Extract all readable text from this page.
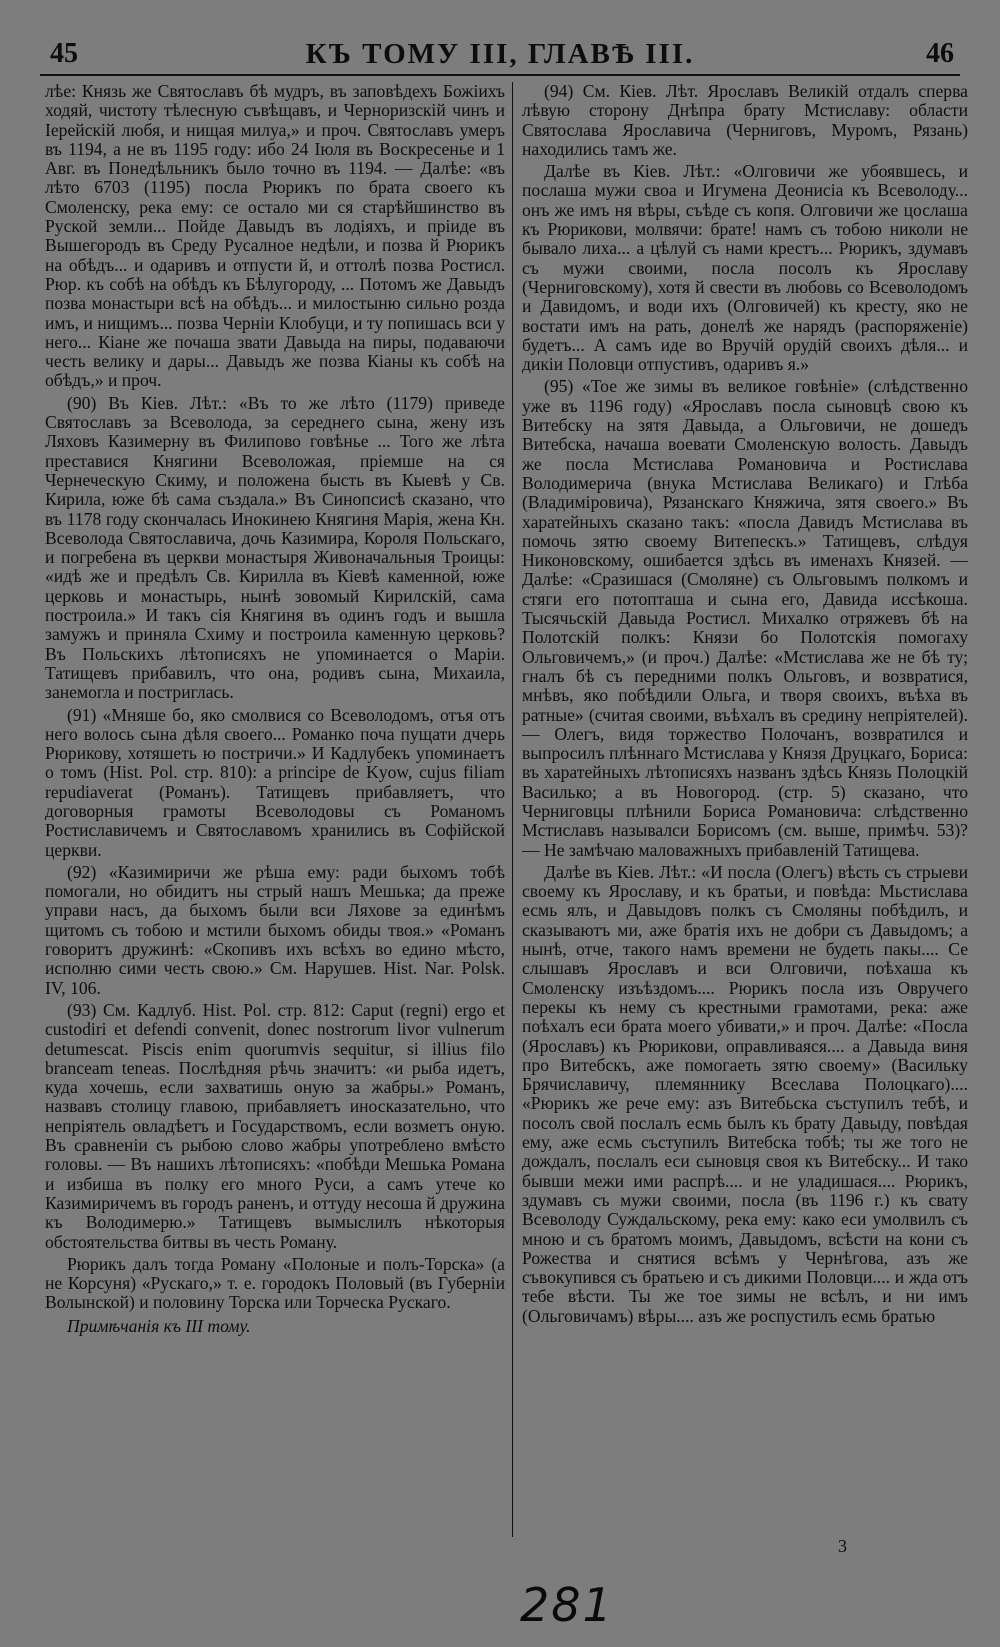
45	КЪ ТОМУ III, ГЛАВѢ III.	46

лѣе: Князь же Святославъ бѣ мудръ, въ заповѣдехъ Божіихъ ходяй, чистоту тѣлесную съвѣщавъ, и Черноризскій чинъ и Іерейскій любя, и нищая милуа,» и проч. Святославъ умеръ въ 1194, а не въ 1195 году: ибо 24 Іюля въ Воскресенье и 1 Авг. въ Понедѣльникъ было точно въ 1194. — Далѣе: «въ лѣто 6703 (1195) посла Рюрикъ по брата своего къ Смоленску, река ему: се остало ми ся старѣйшинство въ Руской земли... Пойде Давыдъ въ лодіяхъ, и пріиде въ Вышегородъ въ Среду Русалное недѣли, и позва й Рюрикъ на обѣдъ... и одаривъ и отпусти й, и оттолѣ позва Ростисл. Рюр. къ собѣ на обѣдъ къ Бѣлугороду, ... Потомъ же Давыдъ позва монастыри всѣ на обѣдъ... и милостыню сильно розда имъ, и нищимъ... позва Черніи Клобуци, и ту попишась вси у него... Кіане же почаша звати Давыда на пиры, подаваючи честь велику и дары... Давыдъ же позва Кіаны къ собѣ на обѣдъ,» и проч.

(90) Въ Кіев. Лѣт.: «Въ то же лѣто (1179) приведе Святославъ за Всеволода, за середнего сына, жену изъ Ляховъ Казимерну въ Филипово говѣнье ... Того же лѣта преставися Княгини Всеволожая, пріемше на ся Чернеческую Скиму, и положена бысть въ Кыевѣ у Св. Кирила, юже бѣ сама създала.» Въ Синопсисѣ сказано, что въ 1178 году скончалась Инокинею Княгиня Марія, жена Кн. Всеволода Святославича, дочь Казимира, Короля Польскаго, и погребена въ церкви монастыря Живоначальныя Троицы: «идѣ же и предѣлъ Св. Кирилла въ Кіевѣ каменной, юже церковь и монастырь, нынѣ зовомый Кирилскій, сама построила.» И такъ сія Княгиня въ одинъ годъ и вышла замужъ и приняла Схиму и построила каменную церковь? Въ Польскихъ лѣтописяхъ не упоминается о Маріи. Татищевъ прибавилъ, что она, родивъ сына, Михаила, занемогла и постриглась.

(91) «Мняше бо, яко смолвися со Всеволодомъ, отъя отъ него волось сына дѣля своего... Романко поча пущати дчерь Рюрикову, хотяшеть ю постричи.» И Кадлубекъ упоминаетъ о томъ (Hist. Pol. стр. 810): a principe de Kyow, cujus filiam repudiaverat (Романъ). Татищевъ прибавляетъ, что договорныя грамоты Всеволодовы съ Романомъ Ростиславичемъ и Святославомъ хранились въ Софійской церкви.

(92) «Казимиричи же рѣша ему: ради быхомъ тобѣ помогали, но обидитъ ны стрый нашъ Мешька; да преже управи насъ, да быхомъ были вси Ляхове за единѣмъ щитомъ съ тобою и мстили быхомъ обиды твоя.» «Романъ говоритъ дружинѣ: «Скопивъ ихъ всѣхъ во едино мѣсто, исполню сими честь свою.» См. Нарушев. Hist. Nar. Polsk. IV, 106.

(93) См. Кадлуб. Hist. Pol. стр. 812: Caput (regni) ergo et custodiri et defendi convenit, donec nostrorum livor vulnerum detumescat. Piscis enim quorumvis sequitur, si illius filo branceam teneas. Послѣдняя рѣчь значитъ: «и рыба идетъ, куда хочешь, если захватишь оную за жабры.» Романъ, назвавъ столицу главою, прибавляетъ иносказательно, что непріятель овладѣетъ и Государствомъ, если возметъ оную. Въ сравненіи съ рыбою слово жабры употреблено вмѣсто головы. — Въ нашихъ лѣтописяхъ: «побѣди Мешька Романа и избиша въ полку его много Руси, а самъ утече ко Казимиричемъ въ городъ раненъ, и оттуду несоша й дружина къ Володимерю.» Татищевъ вымыслилъ нѣкоторыя обстоятельства битвы въ честь Роману.

Рюрикъ далъ тогда Роману «Полоные и полъ-Торска» (а не Корсуня) «Рускаго,» т. е. городокъ Половый (въ Губерніи Волынской) и половину Торска или Торческа Рускаго.

Примѣчанія къ III тому.

(94) См. Кіев. Лѣт. Ярославъ Великій отдалъ сперва лѣвую сторону Днѣпра брату Мстиславу: области Святослава Ярославича (Черниговъ, Муромъ, Рязань) находились тамъ же.

Далѣе въ Кіев. Лѣт.: «Олговичи же убоявшесь, и послаша мужи своа и Игумена Деонисіа къ Всеволоду... онъ же имъ ня вѣры, съѣде съ копя. Олговичи же цослаша къ Рюрикови, молвячи: брате! намъ съ тобою николи не бывало лиха... а цѣлуй съ нами крестъ... Рюрикъ, здумавъ съ мужи своими, посла посолъ къ Ярославу (Черниговскому), хотя й свести въ любовь со Всеволодомъ и Давидомъ, и води ихъ (Олговичей) къ кресту, яко не востати имъ на рать, донелѣ же нарядъ (распоряженіе) будетъ... А самъ иде во Вручій орудій своихъ дѣля... и дикіи Половци отпустивъ, одаривъ я.»

(95) «Тое же зимы въ великое говѣніе» (слѣдственно уже въ 1196 году) «Ярославъ посла сыновцѣ свою къ Витебску на зятя Давыда, а Ольговичи, не дошедъ Витебска, начаша воевати Смоленскую волость. Давыдъ же посла Мстислава Романовича и Ростислава Володимерича (внука Мстислава Великаго) и Глѣба (Владиміровича), Рязанскаго Княжича, зятя своего.» Въ харатейныхъ сказано такъ: «посла Давидъ Мстислава въ помочь зятю своему Витепескъ.» Татищевъ, слѣдуя Никоновскому, ошибается здѣсь въ именахъ Князей. — Далѣе: «Сразишася (Смоляне) съ Ольговымъ полкомъ и стяги его потопташа и сына его, Давида иссѣкоша. Тысячьскій Давыда Ростисл. Михалко отряжевъ бѣ на Полотскій полкъ: Князи бо Полотскія помогаху Ольговичемъ,» (и проч.) Далѣе: «Мстислава же не бѣ ту; гналъ бѣ съ передними полкъ Ольговъ, и возвратися, мнѣвъ, яко побѣдили Ольга, и творя своихъ, въѣха въ ратные» (считая своими, въѣхалъ въ средину непріятелей). — Олегъ, видя торжество Полочанъ, возвратился и выпросилъ плѣннаго Мстислава у Князя Друцкаго, Бориса: въ харатейныхъ лѣтописяхъ названъ здѣсь Князь Полоцкій Василько; а въ Новогород. (стр. 5) сказано, что Черниговцы плѣнили Бориса Романовича: слѣдственно Мстиславъ называлси Борисомъ (см. выше, примѣч. 53)? — Не замѣчаю маловажныхъ прибавленій Татищева.

Далѣе въ Кіев. Лѣт.: «И посла (Олегъ) вѣсть съ стрыеви своему къ Ярославу, и къ братьи, и повѣда: Мьстислава есмь ялъ, и Давыдовъ полкъ съ Смоляны побѣдилъ, и сказываютъ ми, аже братія ихъ не добри съ Давыдомъ; а нынѣ, отче, такого намъ времени не будеть пакы.... Се слышавъ Ярославъ и вси Олговичи, поѣхаша къ Смоленску изъѣздомъ.... Рюрикъ посла изъ Овручего перекы къ нему съ крестными грамотами, река: аже поѣхалъ еси брата моего убивати,» и проч. Далѣе: «Посла (Ярославъ) къ Рюрикови, оправливаяся.... а Давыда виня про Витебскъ, аже помогаеть зятю своему» (Васильку Брячиславичу, племяннику Всеслава Полоцкаго).... «Рюрикъ же рече ему: азъ Витебьска съступилъ тебѣ, и посолъ свой послалъ есмь былъ къ брату Давыду, повѣдая ему, аже есмь съступилъ Витебска тобѣ; ты же того не дождалъ, послалъ еси сыновця своя къ Витебску... И тако бывши межи ими распрѣ.... и не уладишася.... Рюрикъ, здумавъ съ мужи своими, посла (въ 1196 г.) къ свату Всеволоду Суждальскому, река ему: како еси умолвилъ съ мною и съ братомъ моимъ, Давыдомъ, всѣсти на кони съ Рожества и снятися всѣмъ у Чернѣгова, азъ же съвокупився съ братьею и съ дикими Половци.... и жда отъ тебе вѣсти. Ты же тое зимы не всѣлъ, и ни имъ (Ольговичамъ) вѣры.... азъ же роспустилъ есмь братью

3
281
